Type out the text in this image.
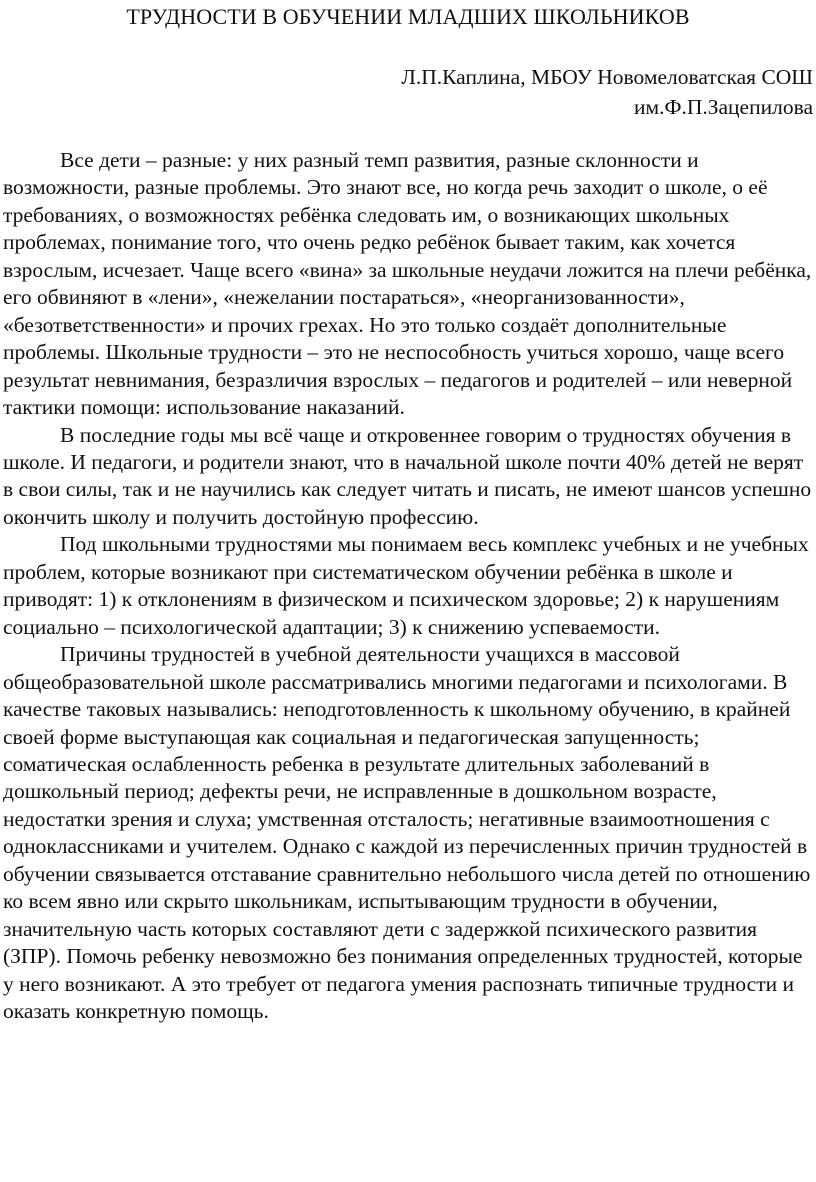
ТРУДНОСТИ В ОБУЧЕНИИ МЛАДШИХ ШКОЛЬНИКОВ
Л.П.Каплина, МБОУ Новомеловатская СОШ
им.Ф.П.Зацепилова

Все дети – разные: у них разный темп развития, разные склонности и возможности, разные проблемы. Это знают все, но когда речь заходит о школе, о её требованиях, о возможностях ребёнка следовать им, о возникающих школьных проблемах, понимание того, что очень редко ребёнок бывает таким, как хочется взрослым, исчезает. Чаще всего «вина» за школьные неудачи ложится на плечи ребёнка, его обвиняют в «лени», «нежелании постараться», «неорганизованности», «безответственности» и прочих грехах. Но это только создаёт дополнительные проблемы. Школьные трудности – это не неспособность учиться хорошо, чаще всего результат невнимания, безразличия взрослых – педагогов и родителей – или неверной тактики помощи: использование наказаний.

В последние годы мы всё чаще и откровеннее говорим о трудностях обучения в школе. И педагоги, и родители знают, что в начальной школе почти 40% детей не верят в свои силы, так и не научились как следует читать и писать, не имеют шансов успешно окончить школу и получить достойную профессию.

Под школьными трудностями мы понимаем весь комплекс учебных и не учебных проблем, которые возникают при систематическом обучении ребёнка в школе и приводят: 1) к отклонениям в физическом и психическом здоровье; 2) к нарушениям социально – психологической адаптации; 3) к снижению успеваемости.

Причины трудностей в учебной деятельности учащихся в массовой общеобразовательной школе рассматривались многими педагогами и психологами. В качестве таковых назывались: неподготовленность к школьному обучению, в крайней своей форме выступающая как социальная и педагогическая запущенность; соматическая ослабленность ребенка в результате длительных заболеваний в дошкольный период; дефекты речи, не исправленные в дошкольном возрасте, недостатки зрения и слуха; умственная отсталость; негативные взаимоотношения с одноклассниками и учителем. Однако с каждой из перечисленных причин трудностей в обучении связывается отставание сравнительно небольшого числа детей по отношению ко всем явно или скрыто школьникам, испытывающим трудности в обучении, значительную часть которых составляют дети с задержкой психического развития (ЗПР). Помочь ребенку невозможно без понимания определенных трудностей, которые у него возникают. А это требует от педагога умения распознать типичные трудности и оказать конкретную помощь.
